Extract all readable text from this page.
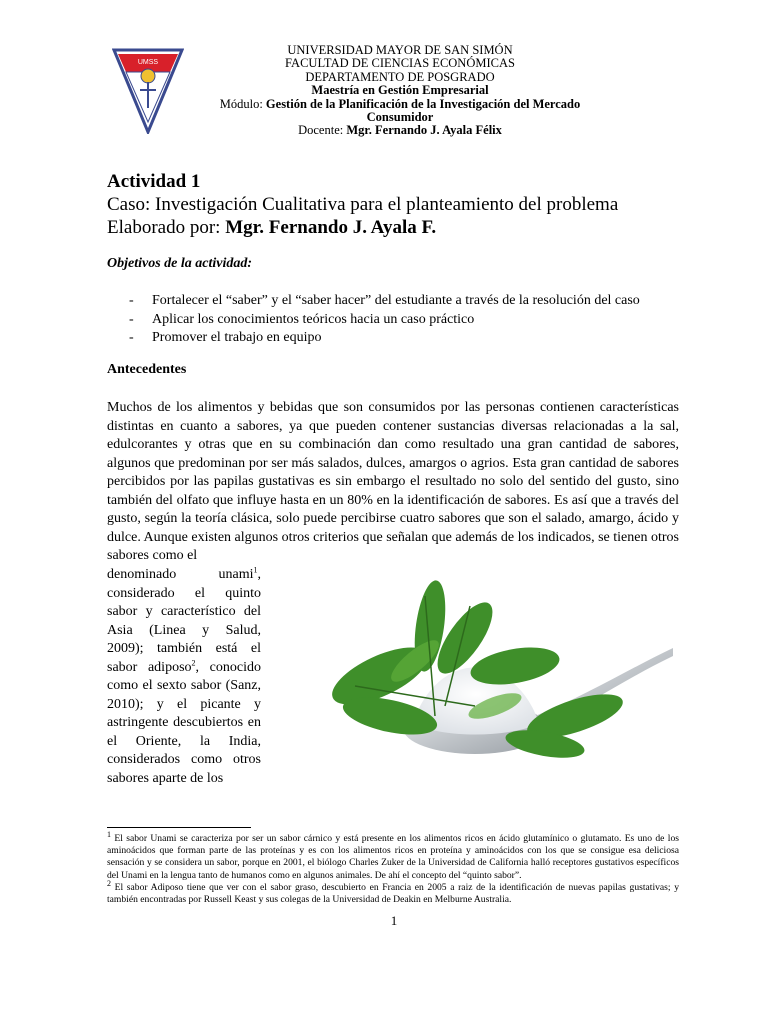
UMSS
UNIVERSIDAD MAYOR DE SAN SIMÓN
FACULTAD DE CIENCIAS ECONÓMICAS
DEPARTAMENTO DE POSGRADO
Maestría en Gestión Empresarial
Módulo: Gestión de la Planificación de la Investigación del Mercado Consumidor
Docente: Mgr. Fernando J. Ayala Félix
Actividad 1
Caso: Investigación Cualitativa para el planteamiento del problema
Elaborado por: Mgr. Fernando J. Ayala F.
Objetivos de la actividad:
- Fortalecer el “saber” y el “saber hacer” del estudiante a través de la resolución del caso
- Aplicar los conocimientos teóricos hacia un caso práctico
- Promover el trabajo en equipo
Antecedentes

Muchos de los alimentos y bebidas que son consumidos por las personas contienen características distintas en cuanto a sabores, ya que pueden contener sustancias diversas relacionadas a la sal, edulcorantes y otras que en su combinación dan como resultado una gran cantidad de sabores, algunos que predominan por ser más salados, dulces, amargos o agrios. Esta gran cantidad de sabores percibidos por las papilas gustativas es sin embargo el resultado no solo del sentido del gusto, sino también del olfato que influye hasta en un 80% en la identificación de sabores. Es así que a través del gusto, según la teoría clásica, solo puede percibirse cuatro sabores que son el salado, amargo, ácido y dulce. Aunque existen algunos otros criterios que señalan que además de los indicados, se tienen otros sabores como el

denominado unami$^1$, considerado el quinto sabor y característico del Asia (Linea y Salud, 2009); también está el sabor adiposo$^2$, conocido como el sexto sabor (Sanz, 2010); y el picante y astringente descubiertos en el Oriente, la India, considerados como otros sabores aparte de los

$^1$ El sabor Unami se caracteriza por ser un sabor cárnico y está presente en los alimentos ricos en ácido glutamínico o glutamato. Es uno de los aminoácidos que forman parte de las proteínas y es con los alimentos ricos en proteína y aminoácidos con los que se consigue esa deliciosa sensación y se considera un sabor, porque en 2001, el biólogo Charles Zuker de la Universidad de California halló receptores gustativos específicos del Unami en la lengua tanto de humanos como en algunos animales. De ahí el concepto del “quinto sabor”.

$^2$ El sabor Adiposo tiene que ver con el sabor graso, descubierto en Francia en 2005 a raiz de la identificación de nuevas papilas gustativas; y también encontradas por Russell Keast y sus colegas de la Universidad de Deakin en Melburne Australia.

1
